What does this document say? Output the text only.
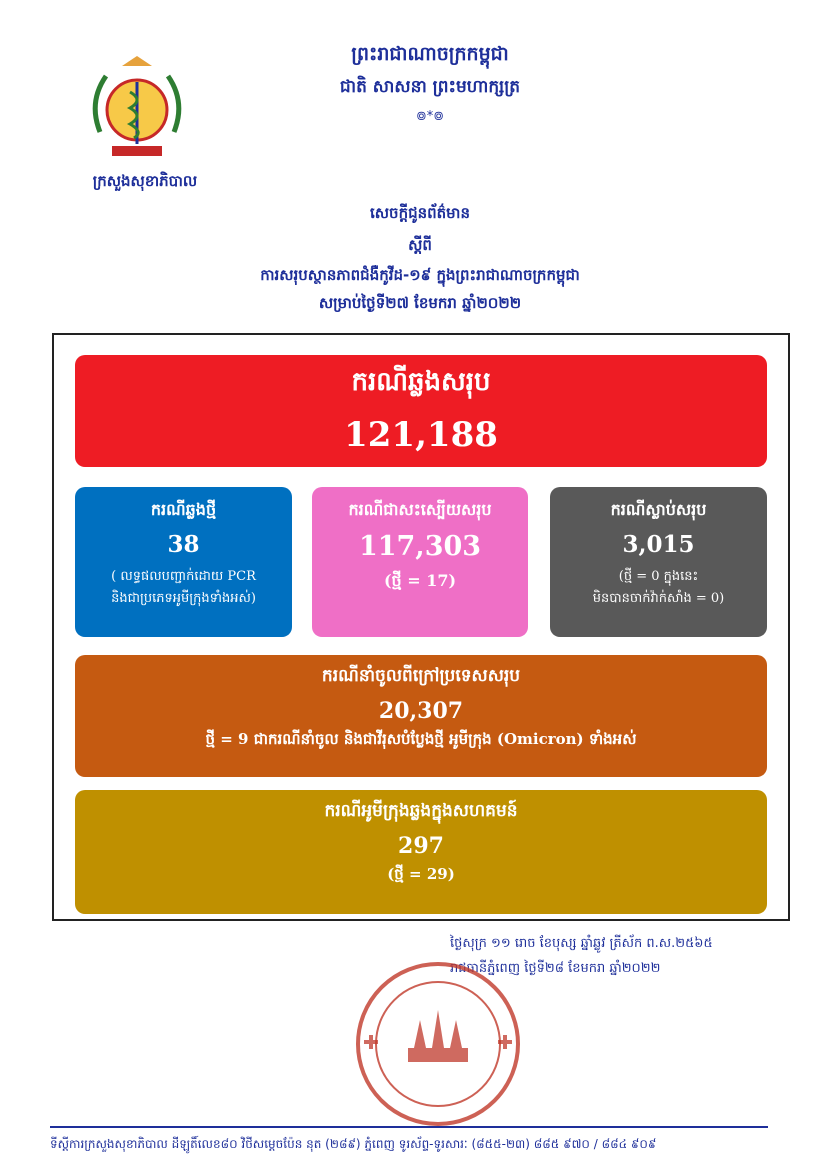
ក្រសួងសុខាភិបាល
ព្រះរាជាណាចក្រកម្ពុជា
ជាតិ សាសនា ព្រះមហាក្សត្រ
៙*៙
សេចក្តីជូនព័ត៌មាន
ស្តីពី
ការសរុបស្ថានភាពជំងឺកូវីដ-១៩ ក្នុងព្រះរាជាណាចក្រកម្ពុជា
សម្រាប់ថ្ងៃទី២៧ ខែមករា ឆ្នាំ២០២២
ករណីឆ្លងសរុប
121,188
ករណីឆ្លងថ្មី
38
( លទ្ធផលបញ្ជាក់ដោយ PCR
និងជាប្រភេទអូមីក្រុងទាំងអស់)
ករណីជាសះស្បើយសរុប
117,303
(ថ្មី = 17)
ករណីស្លាប់សរុប
3,015
(ថ្មី = 0 ក្នុងនេះ
មិនបានចាក់វ៉ាក់សាំង = 0)
ករណីនាំចូលពីក្រៅប្រទេសសរុប
20,307
ថ្មី = 9 ជាករណីនាំចូល និងជាវីរុសបំប្លែងថ្មី អូមីក្រុង (Omicron) ទាំងអស់
ករណីអូមីក្រុងឆ្លងក្នុងសហគមន៍
297
(ថ្មី = 29)
ថ្ងៃសុក្រ ១១ រោច ខែបុស្ស ឆ្នាំឆ្លូវ ត្រីស័ក ព.ស.២៥៦៥
រាជធានីភ្នំពេញ ថ្ងៃទី២៨ ខែមករា ឆ្នាំ២០២២
ទីស្តីការក្រសួងសុខាភិបាល ដីឡូតិ៍លេខ៨០ វិថីសម្តេចប៉ែន នុត (២៨៩) ភ្នំពេញ ទូរស័ព្ទ-ទូរសារៈ (៨៥៥-២៣) ៨៨៥ ៩៧០ / ៨៨៤ ៩០៩
